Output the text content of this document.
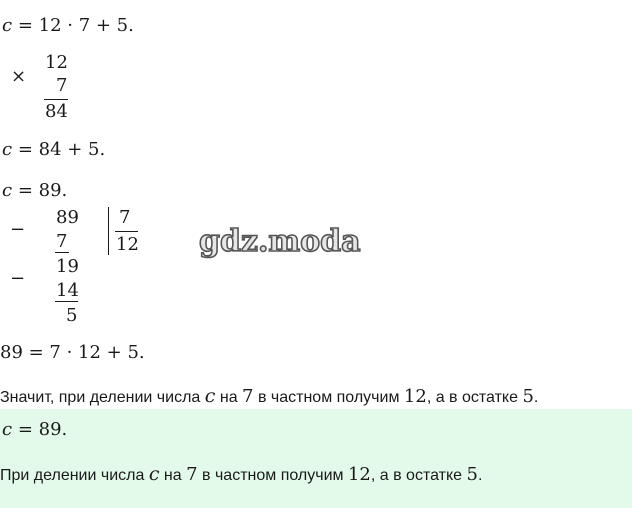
c = 12 · 7 + 5.
×
12
7
84
c = 84 + 5.
c = 89.
−
89
7
19
−
14
5
7
12 gdz.moda
89 = 7 · 12 + 5.
Значит, при делении числа c на 7 в частном получим 12, а в остатке 5.
c = 89.
При делении числа c на 7 в частном получим 12, а в остатке 5.
